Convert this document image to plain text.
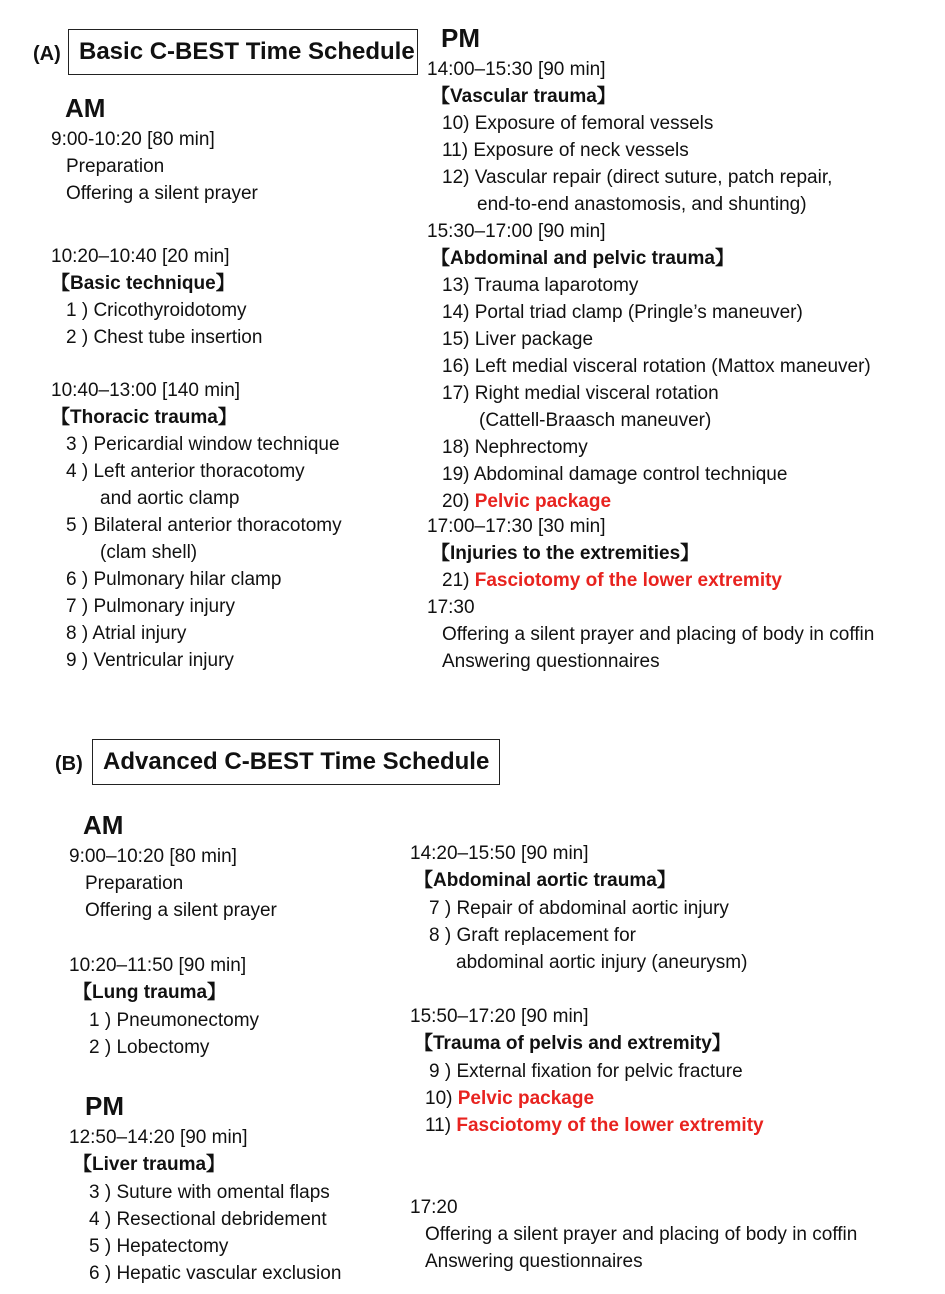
(A) Basic C-BEST Time Schedule
AM
9:00-10:20 [80 min]
Preparation
Offering a silent prayer
10:20–10:40 [20 min]
【Basic technique】
1 ) Cricothyroidotomy
2 ) Chest tube insertion
10:40–13:00 [140 min]
【Thoracic trauma】
3 ) Pericardial window technique
4 ) Left anterior thoracotomy
and aortic clamp
5 ) Bilateral anterior thoracotomy
(clam shell)
6 ) Pulmonary hilar clamp
7 ) Pulmonary injury
8 ) Atrial injury
9 ) Ventricular injury
PM
14:00–15:30 [90 min]
【Vascular trauma】
10) Exposure of femoral vessels
11) Exposure of neck vessels
12) Vascular repair (direct suture, patch repair,
end-to-end anastomosis, and shunting)
15:30–17:00 [90 min]
【Abdominal and pelvic trauma】
13) Trauma laparotomy
14) Portal triad clamp (Pringle’s maneuver)
15) Liver package
16) Left medial visceral rotation (Mattox maneuver)
17) Right medial visceral rotation
(Cattell-Braasch maneuver)
18) Nephrectomy
19) Abdominal damage control technique
20) Pelvic package
17:00–17:30 [30 min]
【Injuries to the extremities】
21) Fasciotomy of the lower extremity
17:30
Offering a silent prayer and placing of body in coffin
Answering questionnaires
(B) Advanced C-BEST Time Schedule
AM
9:00–10:20 [80 min]
Preparation
Offering a silent prayer
10:20–11:50 [90 min]
【Lung trauma】
1 ) Pneumonectomy
2 ) Lobectomy
PM
12:50–14:20 [90 min]
【Liver trauma】
3 ) Suture with omental flaps
4 ) Resectional debridement
5 ) Hepatectomy
6 ) Hepatic vascular exclusion
14:20–15:50 [90 min]
【Abdominal aortic trauma】
7 ) Repair of abdominal aortic injury
8 ) Graft replacement for
abdominal aortic injury (aneurysm)
15:50–17:20 [90 min]
【Trauma of pelvis and extremity】
9 ) External fixation for pelvic fracture
10) Pelvic package
11) Fasciotomy of the lower extremity
17:20
Offering a silent prayer and placing of body in coffin
Answering questionnaires
